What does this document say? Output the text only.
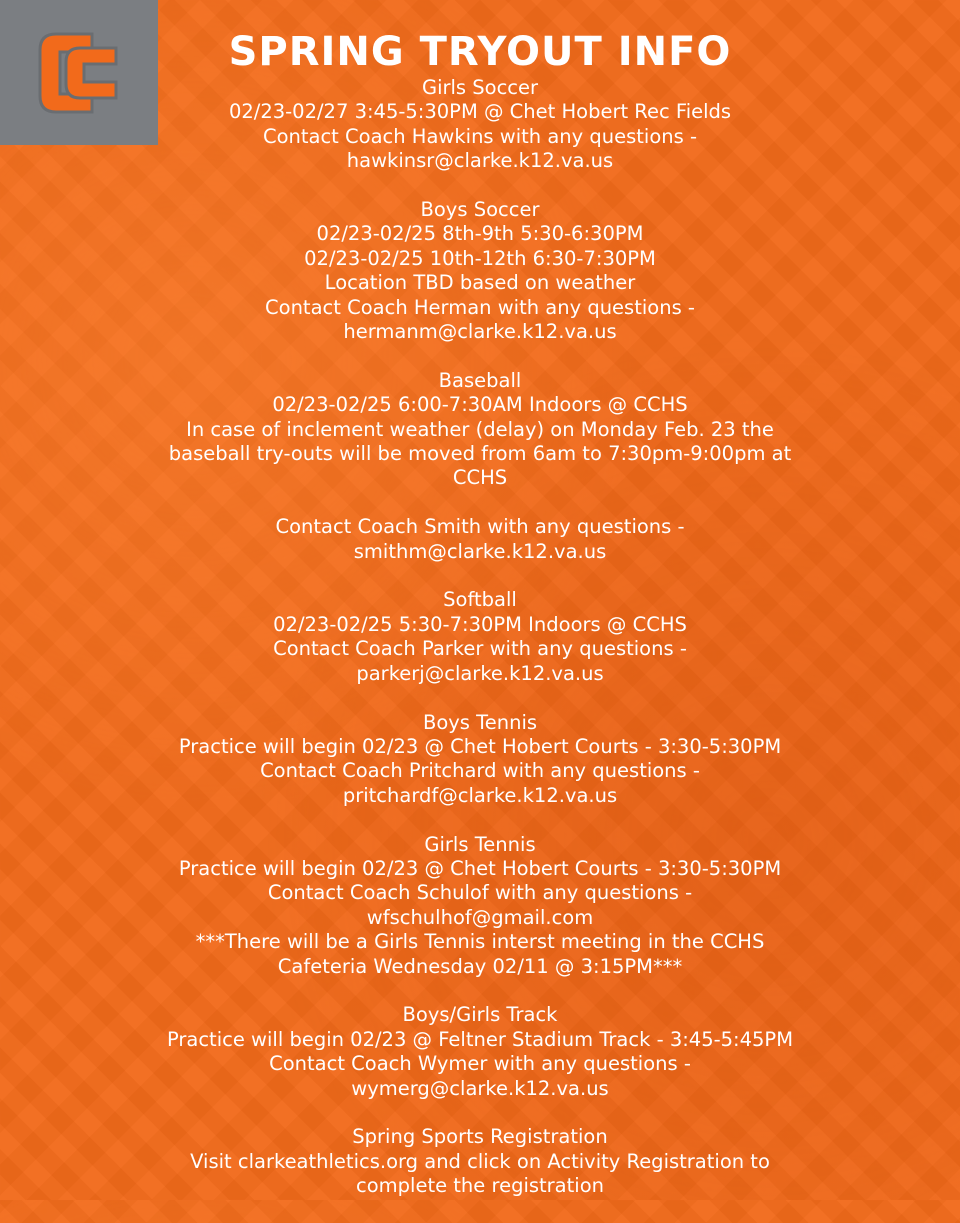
SPRING TRYOUT INFO
Girls Soccer
02/23-02/27 3:45-5:30PM @ Chet Hobert Rec Fields
Contact Coach Hawkins with any questions -
hawkinsr@clarke.k12.va.us
Boys Soccer
02/23-02/25 8th-9th 5:30-6:30PM
02/23-02/25 10th-12th 6:30-7:30PM
Location TBD based on weather
Contact Coach Herman with any questions -
hermanm@clarke.k12.va.us
Baseball
02/23-02/25 6:00-7:30AM Indoors @ CCHS
In case of inclement weather (delay) on Monday Feb. 23 the
baseball try-outs will be moved from 6am to 7:30pm-9:00pm at
CCHS

Contact Coach Smith with any questions -
smithm@clarke.k12.va.us
Softball
02/23-02/25 5:30-7:30PM Indoors @ CCHS
Contact Coach Parker with any questions -
parkerj@clarke.k12.va.us
Boys Tennis
Practice will begin 02/23 @ Chet Hobert Courts - 3:30-5:30PM
Contact Coach Pritchard with any questions -
pritchardf@clarke.k12.va.us
Girls Tennis
Practice will begin 02/23 @ Chet Hobert Courts - 3:30-5:30PM
Contact Coach Schulof with any questions -
wfschulhof@gmail.com
***There will be a Girls Tennis interst meeting in the CCHS
Cafeteria Wednesday 02/11 @ 3:15PM***
Boys/Girls Track
Practice will begin 02/23 @ Feltner Stadium Track - 3:45-5:45PM
Contact Coach Wymer with any questions -
wymerg@clarke.k12.va.us
Spring Sports Registration
Visit clarkeathletics.org and click on Activity Registration to
complete the registration
